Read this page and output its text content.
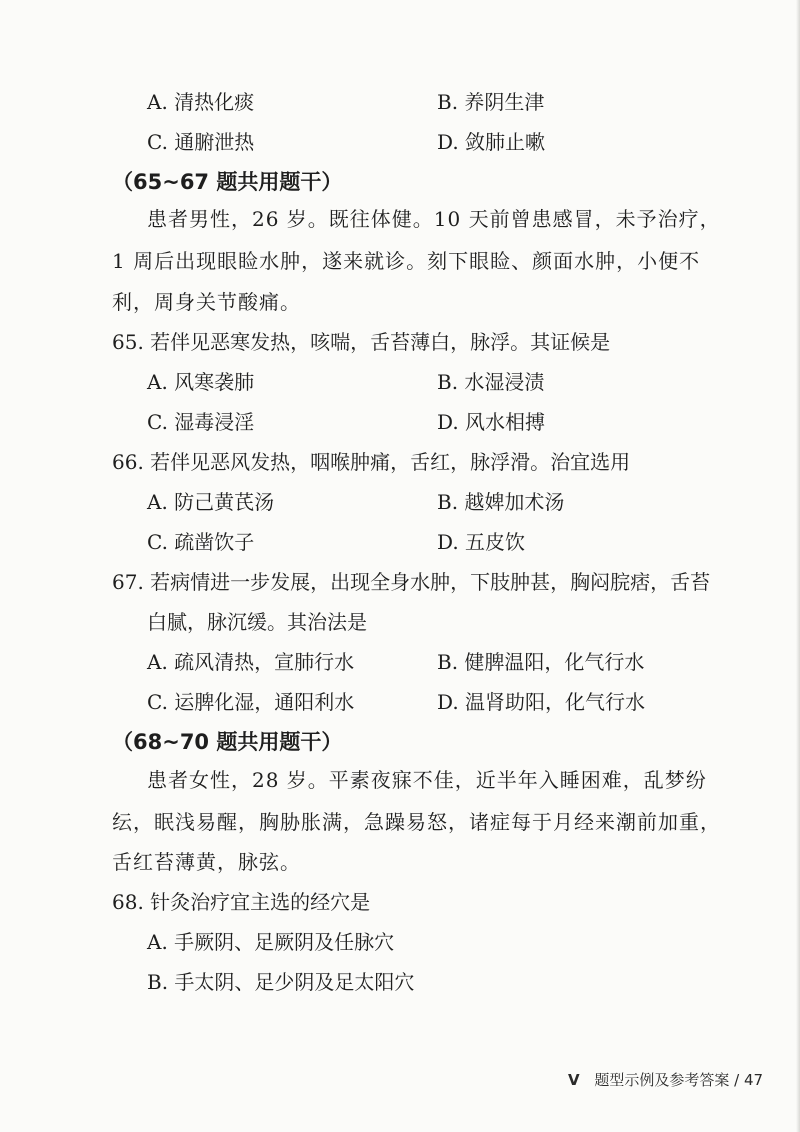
A. 清热化痰	B. 养阴生津
C. 通腑泄热	D. 敛肺止嗽
（65~67 题共用题干）
患者男性，26 岁。既往体健。10 天前曾患感冒，未予治疗，
1 周后出现眼睑水肿，遂来就诊。刻下眼睑、颜面水肿，小便不
利，周身关节酸痛。
65. 若伴见恶寒发热，咳喘，舌苔薄白，脉浮。其证候是
A. 风寒袭肺	B. 水湿浸渍
C. 湿毒浸淫	D. 风水相搏
66. 若伴见恶风发热，咽喉肿痛，舌红，脉浮滑。治宜选用
A. 防己黄芪汤	B. 越婢加术汤
C. 疏凿饮子	D. 五皮饮
67. 若病情进一步发展，出现全身水肿，下肢肿甚，胸闷脘痞，舌苔
白腻，脉沉缓。其治法是
A. 疏风清热，宣肺行水	B. 健脾温阳，化气行水
C. 运脾化湿，通阳利水	D. 温肾助阳，化气行水
（68~70 题共用题干）
患者女性，28 岁。平素夜寐不佳，近半年入睡困难，乱梦纷
纭，眠浅易醒，胸胁胀满，急躁易怒，诸症每于月经来潮前加重，
舌红苔薄黄，脉弦。
68. 针灸治疗宜主选的经穴是
A. 手厥阴、足厥阴及任脉穴
B. 手太阴、足少阴及足太阳穴
V 题型示例及参考答案 / 47
